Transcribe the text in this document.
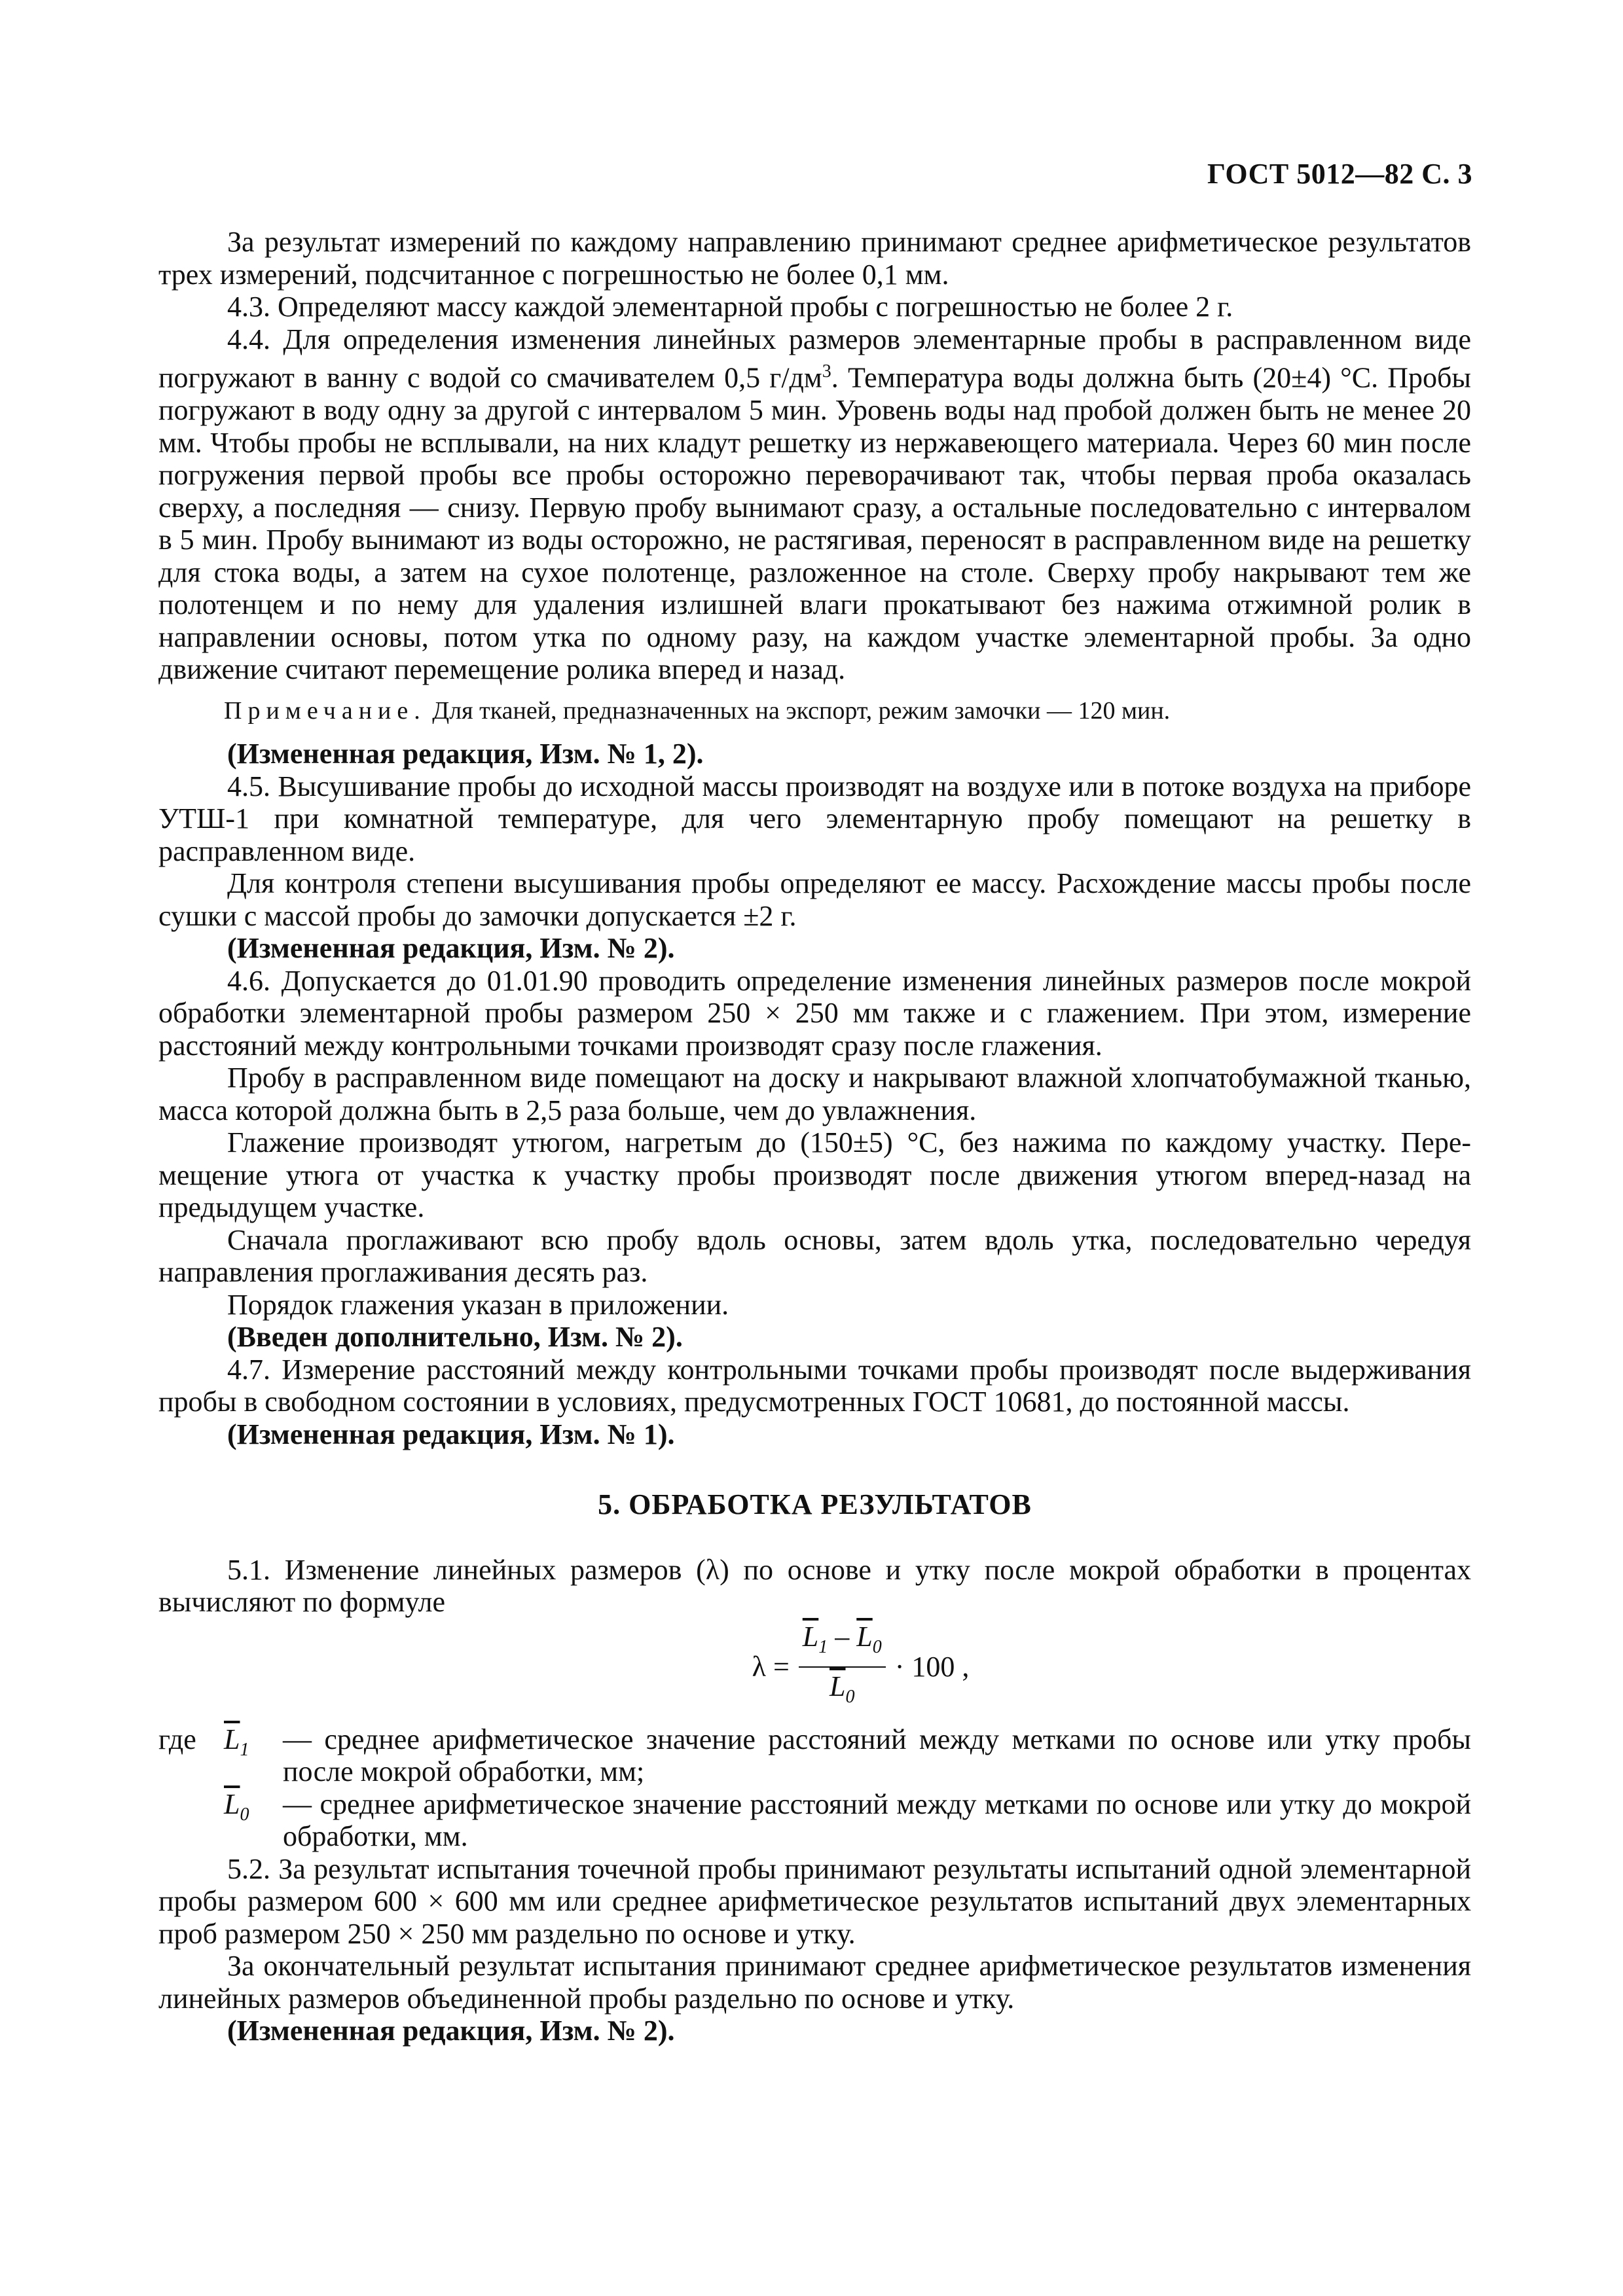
ГОСТ 5012—82 С. 3

За результат измерений по каждому направлению принимают среднее арифметическое результатов трех измерений, подсчитанное с погрешностью не более 0,1 мм.

4.3. Определяют массу каждой элементарной пробы с погрешностью не более 2 г.

4.4. Для определения изменения линейных размеров элементарные пробы в расправленном виде погружают в ванну с водой со смачивателем 0,5 $г/дм^3$. Температура воды должна быть (20±4) °С. Пробы погружают в воду одну за другой с интервалом 5 мин. Уровень воды над пробой должен быть не менее 20 мм. Чтобы пробы не всплывали, на них кладут решетку из нержавеющего материала. Через 60 мин после погружения первой пробы все пробы осторожно переворачивают так, чтобы первая проба оказалась сверху, а последняя — снизу. Первую пробу вынимают сразу, а остальные последовательно с интервалом в 5 мин. Пробу вынимают из воды осторожно, не растягивая, переносят в расправленном виде на решетку для стока воды, а затем на сухое полотенце, разложенное на столе. Сверху пробу накрывают тем же полотенцем и по нему для удаления излишней влаги прокатывают без нажима отжимной ролик в направлении основы, потом утка по одному разу, на каждом участке элементарной пробы. За одно движение считают перемещение ролика вперед и назад.

Примечание. Для тканей, предназначенных на экспорт, режим замочки — 120 мин.

(Измененная редакция, Изм. № 1, 2).

4.5. Высушивание пробы до исходной массы производят на воздухе или в потоке воздуха на приборе УТШ-1 при комнатной температуре, для чего элементарную пробу помещают на решетку в расправленном виде.

Для контроля степени высушивания пробы определяют ее массу. Расхождение массы пробы после сушки с массой пробы до замочки допускается ±2 г.

(Измененная редакция, Изм. № 2).

4.6. Допускается до 01.01.90 проводить определение изменения линейных размеров после мокрой обработки элементарной пробы размером 250 × 250 мм также и с глажением. При этом, измерение расстояний между контрольными точками производят сразу после глажения.

Пробу в расправленном виде помещают на доску и накрывают влажной хлопчатобумажной тканью, масса которой должна быть в 2,5 раза больше, чем до увлажнения.

Глажение производят утюгом, нагретым до (150±5) °С, без нажима по каждому участку. Перемещение утюга от участка к участку пробы производят после движения утюгом вперед-назад на предыдущем участке.

Сначала проглаживают всю пробу вдоль основы, затем вдоль утка, последовательно чередуя направления проглаживания десять раз.

Порядок глажения указан в приложении.

(Введен дополнительно, Изм. № 2).

4.7. Измерение расстояний между контрольными точками пробы производят после выдерживания пробы в свободном состоянии в условиях, предусмотренных ГОСТ 10681, до постоянной массы.

(Измененная редакция, Изм. № 1).

5. ОБРАБОТКА РЕЗУЛЬТАТОВ

5.1. Изменение линейных размеров (λ) по основе и утку после мокрой обработки в процентах вычисляют по формуле

$\lambda = \frac{\overline{L}_1 - \overline{L}_0}{\overline{L}_0} \cdot 100$ ,
где $\overline{L}_1$	— среднее арифметическое значение расстояний между метками по основе или утку пробы после мокрой обработки, мм;
$\overline{L}_0$	— среднее арифметическое значение расстояний между метками по основе или утку до мокрой обработки, мм.

5.2. За результат испытания точечной пробы принимают результаты испытаний одной элементарной пробы размером 600 × 600 мм или среднее арифметическое результатов испытаний двух элементарных проб размером 250 × 250 мм раздельно по основе и утку.

За окончательный результат испытания принимают среднее арифметическое результатов изменения линейных размеров объединенной пробы раздельно по основе и утку.

(Измененная редакция, Изм. № 2).
